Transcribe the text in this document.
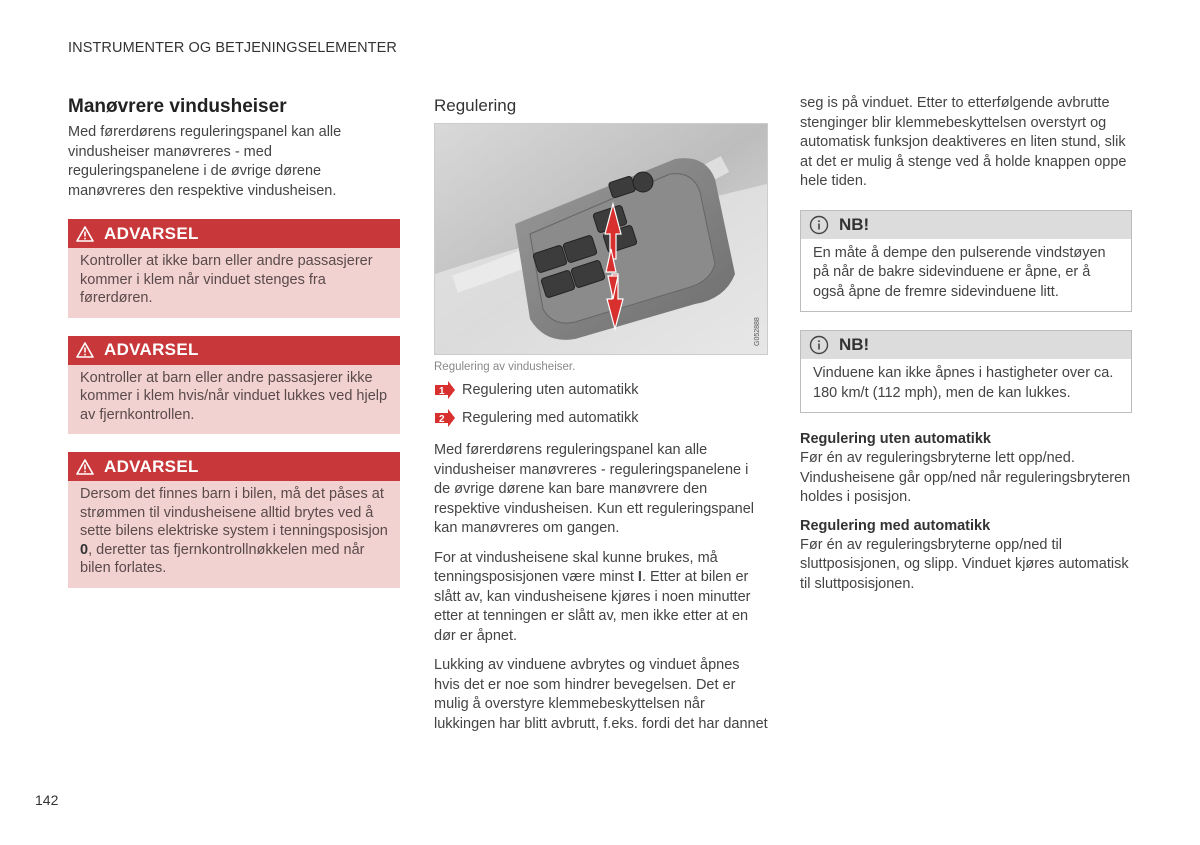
INSTRUMENTER OG BETJENINGSELEMENTER
Manøvrere vindusheiser

Med førerdørens reguleringspanel kan alle vindusheiser manøvreres - med reguleringspanelene i de øvrige dørene manøvreres den respektive vindusheisen.

ADVARSEL
Kontroller at ikke barn eller andre passasjerer kommer i klem når vinduet stenges fra førerdøren.
ADVARSEL
Kontroller at barn eller andre passasjerer ikke kommer i klem hvis/når vinduet lukkes ved hjelp av fjernkontrollen.
ADVARSEL
Dersom det finnes barn i bilen, må det påses at strømmen til vindusheisene alltid brytes ved å sette bilens elektriske system i tenningsposisjon 0, deretter tas fjernkontrollnøkkelen med når bilen forlates.
Regulering
G052888
Regulering av vindusheiser.
1 Regulering uten automatikk
2 Regulering med automatikk

Med førerdørens reguleringspanel kan alle vindusheiser manøvreres - reguleringspanelene i de øvrige dørene kan bare manøvrere den respektive vindusheisen. Kun ett reguleringspanel kan manøvreres om gangen.

For at vindusheisene skal kunne brukes, må tenningsposisjonen være minst I. Etter at bilen er slått av, kan vindusheisene kjøres i noen minutter etter at tenningen er slått av, men ikke etter at en dør er åpnet.

Lukking av vinduene avbrytes og vinduet åpnes hvis det er noe som hindrer bevegelsen. Det er mulig å overstyre klemmebeskyttelsen når lukkingen har blitt avbrutt, f.eks. fordi det har dannet

seg is på vinduet. Etter to etterfølgende avbrutte stenginger blir klemmebeskyttelsen overstyrt og automatisk funksjon deaktiveres en liten stund, slik at det er mulig å stenge ved å holde knappen oppe hele tiden.

NB!
En måte å dempe den pulserende vindstøyen på når de bakre sidevinduene er åpne, er å også åpne de fremre sidevinduene litt.
NB!
Vinduene kan ikke åpnes i hastigheter over ca. 180 km/t (112 mph), men de kan lukkes.
Regulering uten automatikk

Før én av reguleringsbryterne lett opp/ned. Vindusheisene går opp/ned når reguleringsbryteren holdes i posisjon.

Regulering med automatikk

Før én av reguleringsbryterne opp/ned til sluttposisjonen, og slipp. Vinduet kjøres automatisk til sluttposisjonen.

142
